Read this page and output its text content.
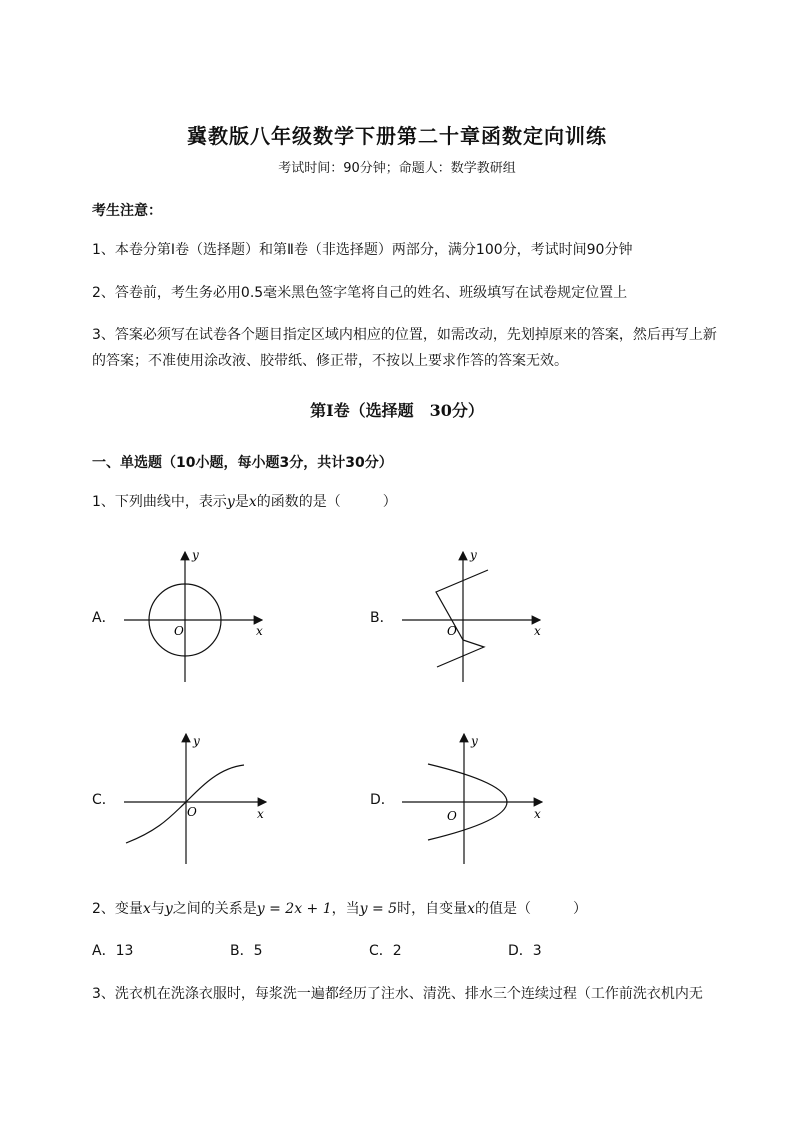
冀教版八年级数学下册第二十章函数定向训练
考试时间：90分钟；命题人：数学教研组
考生注意：
1、本卷分第I卷（选择题）和第Ⅱ卷（非选择题）两部分，满分100分，考试时间90分钟
2、答卷前，考生务必用0.5毫米黑色签字笔将自己的姓名、班级填写在试卷规定位置上
3、答案必须写在试卷各个题目指定区域内相应的位置，如需改动，先划掉原来的答案，然后再写上新
的答案；不准使用涂改液、胶带纸、修正带，不按以上要求作答的答案无效。
第I卷（选择题　30分）
一、单选题（10小题，每小题3分，共计30分）
1、下列曲线中，表示y是x的函数的是（　　　）
A．	B．
C．	D．
x
y
O	x
y
O
x
y
O	x
y
O
2、变量x与y之间的关系是y = 2x + 1，当y = 5时，自变量x的值是（　　　）
A．13	B．5	C．2	D．3
3、洗衣机在洗涤衣服时，每浆洗一遍都经历了注水、清洗、排水三个连续过程（工作前洗衣机内无
